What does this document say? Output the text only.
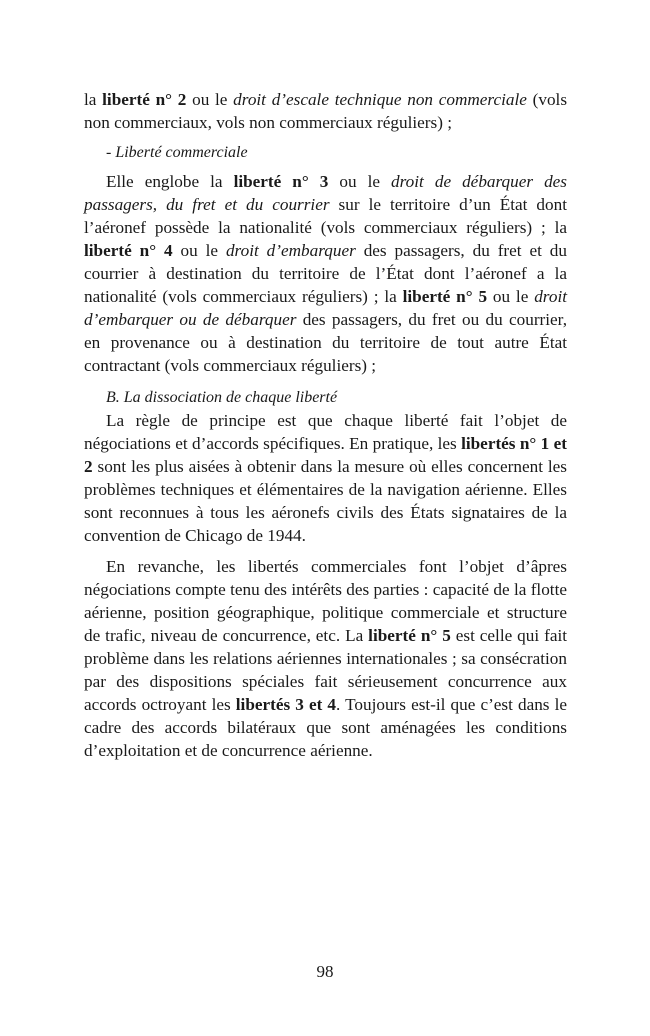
la liberté n° 2 ou le droit d’escale technique non commerciale (vols non commerciaux, vols non commerciaux réguliers) ;

- Liberté commerciale

Elle englobe la liberté n° 3 ou le droit de débarquer des passagers, du fret et du courrier sur le territoire d’un État dont l’aéronef possède la nationalité (vols commerciaux réguliers) ; la liberté n° 4 ou le droit d’embarquer des passagers, du fret et du courrier à destination du territoire de l’État dont l’aéronef a la nationalité (vols commerciaux réguliers) ; la liberté n° 5 ou le droit d’embarquer ou de débarquer des passagers, du fret ou du courrier, en provenance ou à destination du territoire de tout autre État contractant (vols commerciaux réguliers) ;

B. La dissociation de chaque liberté

La règle de principe est que chaque liberté fait l’objet de négociations et d’accords spécifiques. En pratique, les libertés n° 1 et 2 sont les plus aisées à obtenir dans la mesure où elles concernent les problèmes techniques et élémentaires de la navigation aérienne. Elles sont reconnues à tous les aéronefs civils des États signataires de la convention de Chicago de 1944.

En revanche, les libertés commerciales font l’objet d’âpres négociations compte tenu des intérêts des parties : capacité de la flotte aérienne, position géographique, politique commerciale et structure de trafic, niveau de concurrence, etc. La liberté n° 5 est celle qui fait problème dans les relations aériennes internationales ; sa consécration par des dispositions spéciales fait sérieusement concurrence aux accords octroyant les libertés 3 et 4. Toujours est-il que c’est dans le cadre des accords bilatéraux que sont aménagées les conditions d’exploitation et de concurrence aérienne.

98
